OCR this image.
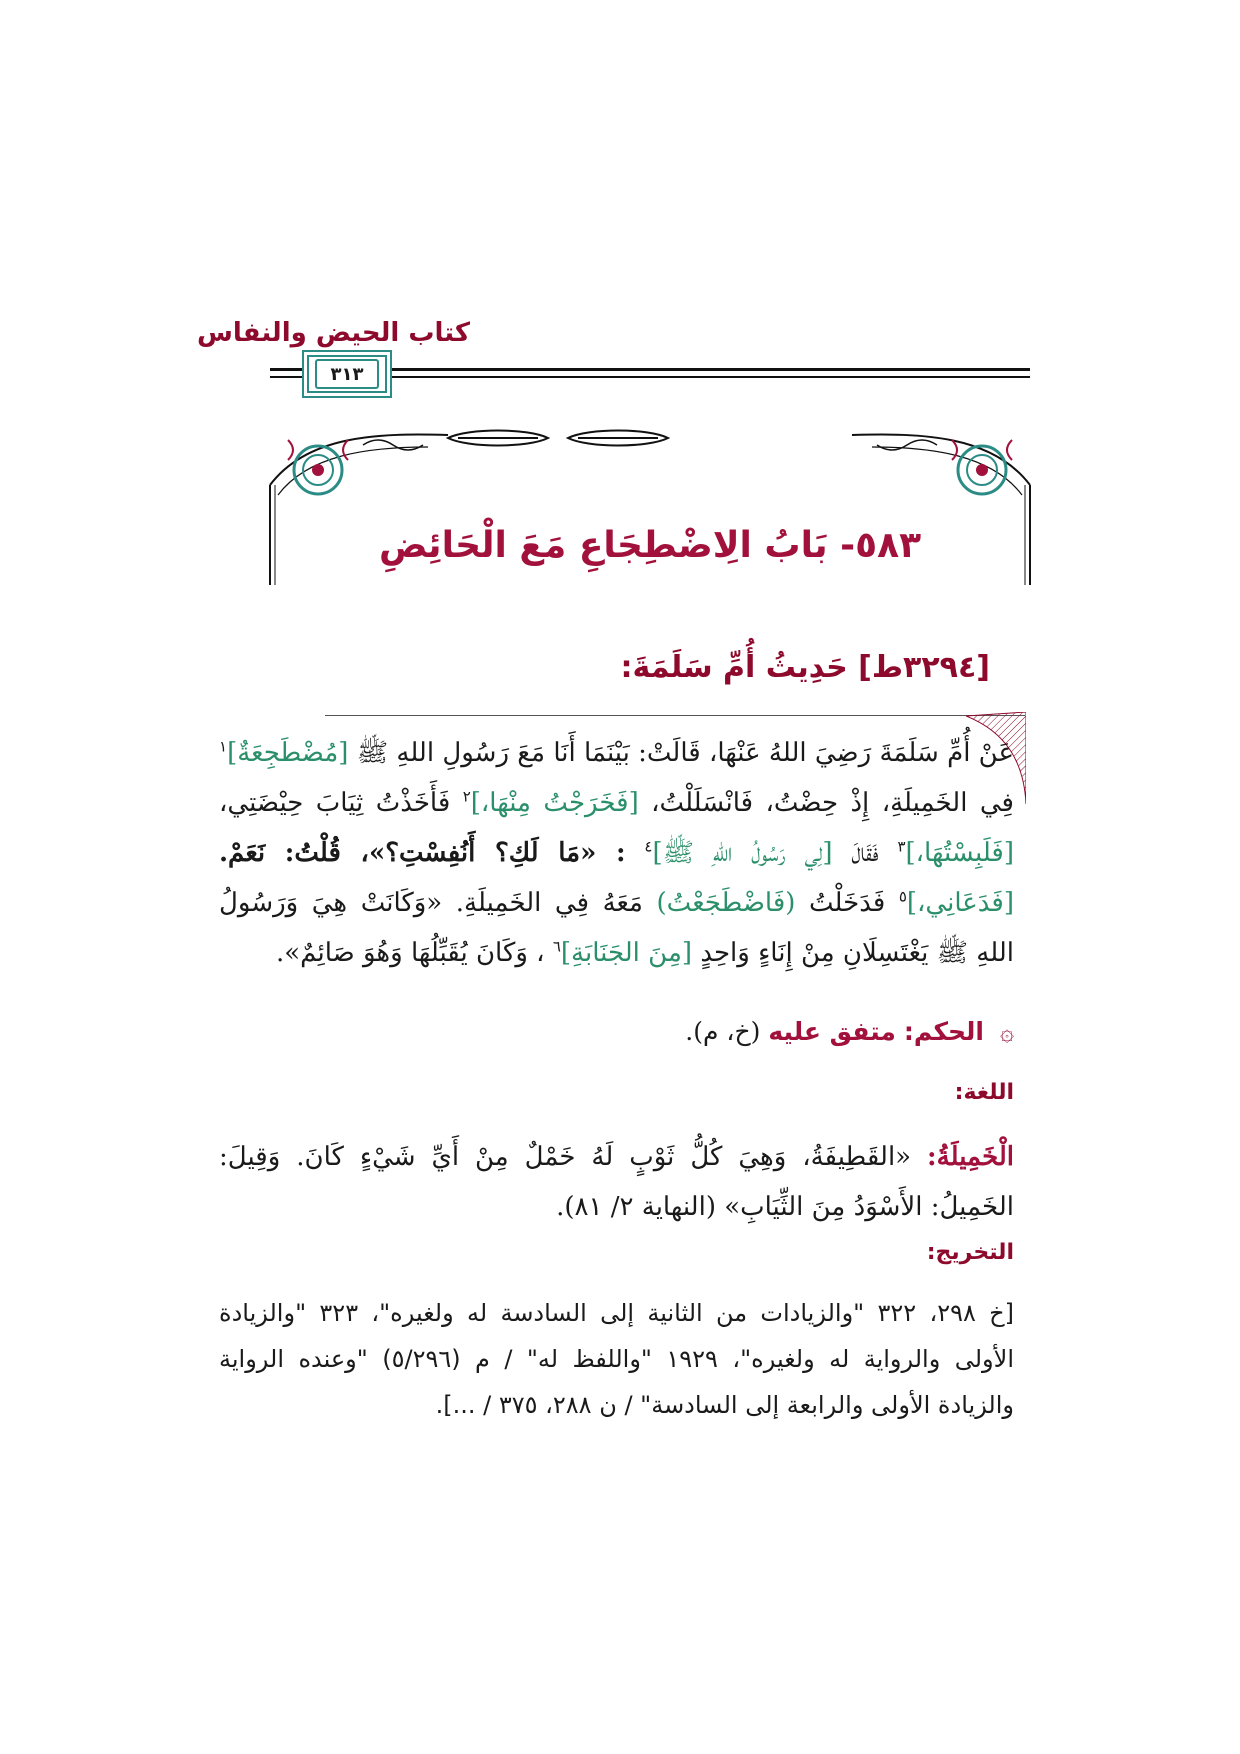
كتاب الحيض والنفاس
٣١٣
٥٨٣- بَابُ الِاضْطِجَاعِ مَعَ الْحَائِضِ
[٣٢٩٤ط] حَدِيثُ أُمِّ سَلَمَةَ:
عَنْ أُمِّ سَلَمَةَ رَضِيَ اللهُ عَنْهَا، قَالَتْ: بَيْنَمَا أَنَا مَعَ رَسُولِ اللهِ ﷺ [مُضْطَجِعَةٌ]$^١$ فِي الخَمِيلَةِ، إِذْ حِضْتُ، فَانْسَلَلْتُ، [فَخَرَجْتُ مِنْهَا،]$^٢$ فَأَخَذْتُ ثِيَابَ حِيْضَتِي، [فَلَبِسْتُهَا،]$^٣$ فَقَالَ [لِي رَسُولُ اللهِ ﷺ]$^٤$ : «مَا لَكِ؟ أَنُفِسْتِ؟»، قُلْتُ: نَعَمْ. [فَدَعَانِي،]$^٥$ فَدَخَلْتُ (فَاضْطَجَعْتُ) مَعَهُ فِي الخَمِيلَةِ. «وَكَانَتْ هِيَ وَرَسُولُ اللهِ ﷺ يَغْتَسِلَانِ مِنْ إِنَاءٍ وَاحِدٍ [مِنَ الجَنَابَةِ]$^٦$ ، وَكَانَ يُقَبِّلُهَا وَهُوَ صَائِمٌ».
۞ الحكم: متفق عليه (خ، م).
اللغة:
الْخَمِيلَةُ: «القَطِيفَةُ، وَهِيَ كُلُّ ثَوْبٍ لَهُ خَمْلٌ مِنْ أَيِّ شَيْءٍ كَانَ. وَقِيلَ: الخَمِيلُ: الأَسْوَدُ مِنَ الثِّيَابِ» (النهاية ٢/ ٨١).
التخريج:
[خ ٢٩٨، ٣٢٢ "والزيادات من الثانية إلى السادسة له ولغيره"، ٣٢٣ "والزيادة الأولى والرواية له ولغيره"، ١٩٢٩ "واللفظ له" / م (٥/٢٩٦) "وعنده الرواية والزيادة الأولى والرابعة إلى السادسة" / ن ٢٨٨، ٣٧٥ / ...].
